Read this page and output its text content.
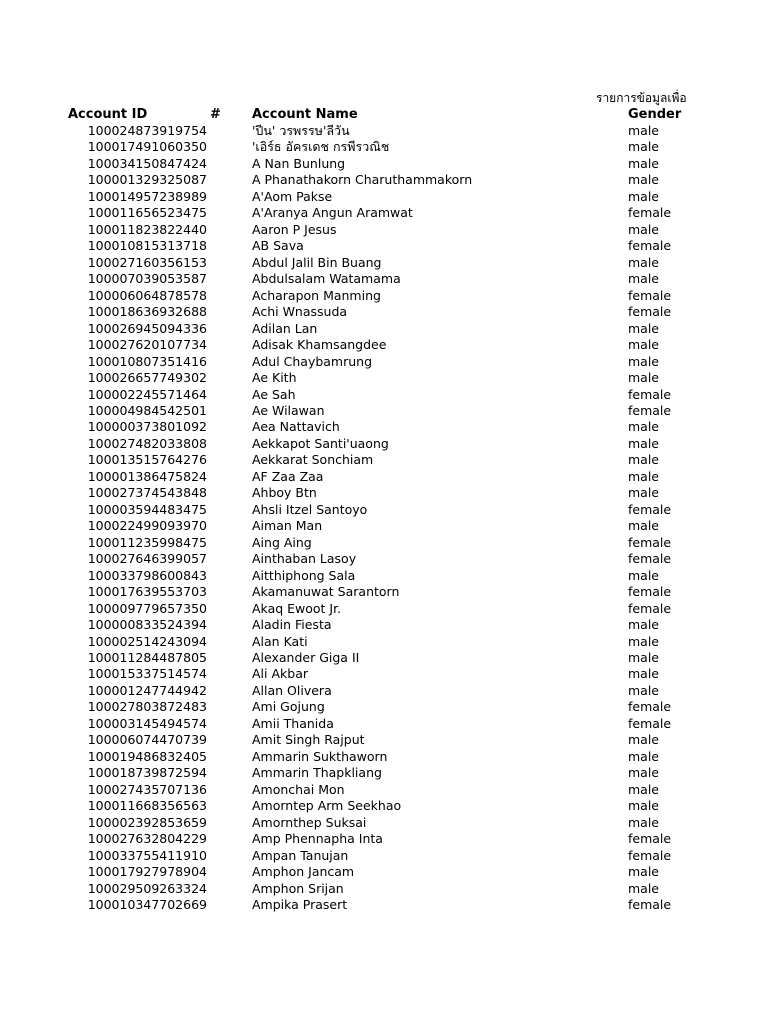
รายการข้อมูลเพื่อ
Account ID	# Account Name	Gender
100024873919754	'ปีน' วรพรรษ'ลีวัน	male
100017491060350	'เอิร์ธ อัครเดช กรพีรวณิช	male
100034150847424	A Nan Bunlung	male
100001329325087	A Phanathakorn Charuthammakorn	male
100014957238989	A'Aom Pakse	male
100011656523475	A'Aranya Angun Aramwat	female
100011823822440	Aaron P Jesus	male
100010815313718	AB Sava	female
100027160356153	Abdul Jalil Bin Buang	male
100007039053587	Abdulsalam Watamama	male
100006064878578	Acharapon Manming	female
100018636932688	Achi Wnassuda	female
100026945094336	Adilan Lan	male
100027620107734	Adisak Khamsangdee	male
100010807351416	Adul Chaybamrung	male
100026657749302	Ae Kith	male
100002245571464	Ae Sah	female
100004984542501	Ae Wilawan	female
100000373801092	Aea Nattavich	male
100027482033808	Aekkapot Santi'uaong	male
100013515764276	Aekkarat Sonchiam	male
100001386475824	AF Zaa Zaa	male
100027374543848	Ahboy Btn	male
100003594483475	Ahsli Itzel Santoyo	female
100022499093970	Aiman Man	male
100011235998475	Aing Aing	female
100027646399057	Ainthaban Lasoy	female
100033798600843	Aitthiphong Sala	male
100017639553703	Akamanuwat Sarantorn	female
100009779657350	Akaq Ewoot Jr.	female
100000833524394	Aladin Fiesta	male
100002514243094	Alan Kati	male
100011284487805	Alexander Giga II	male
100015337514574	Ali Akbar	male
100001247744942	Allan Olivera	male
100027803872483	Ami Gojung	female
100003145494574	Amii Thanida	female
100006074470739	Amit Singh Rajput	male
100019486832405	Ammarin Sukthaworn	male
100018739872594	Ammarin Thapkliang	male
100027435707136	Amonchai Mon	male
100011668356563	Amorntep Arm Seekhao	male
100002392853659	Amornthep Suksai	male
100027632804229	Amp Phennapha Inta	female
100033755411910	Ampan Tanujan	female
100017927978904	Amphon Jancam	male
100029509263324	Amphon Srijan	male
100010347702669	Ampika Prasert	female
